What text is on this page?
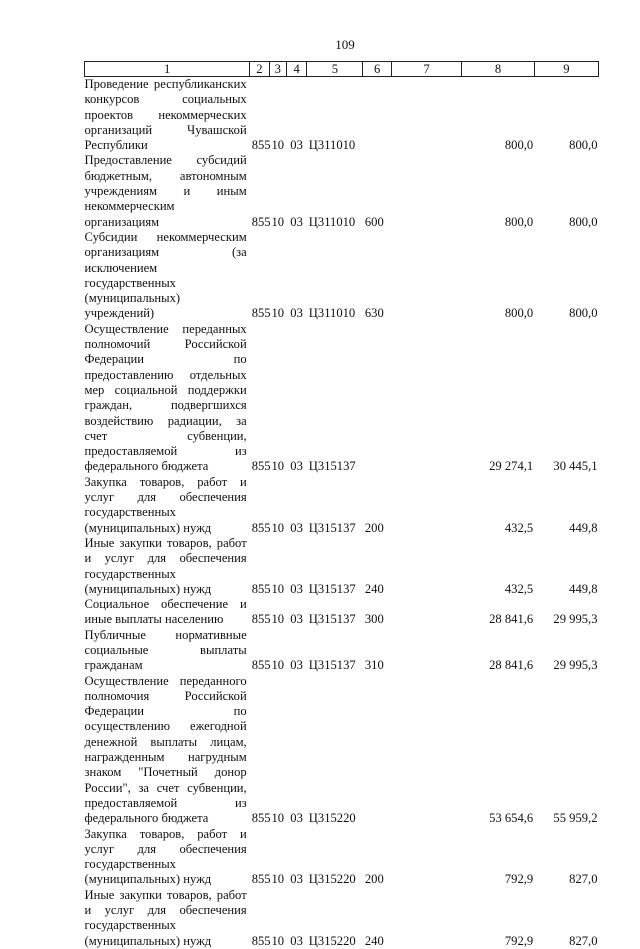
109
1	2	3	4	5	6	7	8	9
Проведение республиканских конкурсов социальных проектов некоммерческих организаций Чувашской Республики	855	10	03	Ц311010			800,0	800,0
Предоставление субсидий бюджетным, автономным учреждениям и иным некоммерческим организациям	855	10	03	Ц311010	600		800,0	800,0
Субсидии некоммерческим организациям (за исключением государственных (муниципальных) учреждений)	855	10	03	Ц311010	630		800,0	800,0
Осуществление переданных полномочий Российской Федерации по предоставлению отдельных мер социальной поддержки граждан, подвергшихся воздействию радиации, за счет субвенции, предоставляемой из федерального бюджета	855	10	03	Ц315137			29 274,1	30 445,1
Закупка товаров, работ и услуг для обеспечения государственных (муниципальных) нужд	855	10	03	Ц315137	200		432,5	449,8
Иные закупки товаров, работ и услуг для обеспечения государственных (муниципальных) нужд	855	10	03	Ц315137	240		432,5	449,8
Социальное обеспечение и иные выплаты населению	855	10	03	Ц315137	300		28 841,6	29 995,3
Публичные нормативные социальные выплаты гражданам	855	10	03	Ц315137	310		28 841,6	29 995,3
Осуществление переданного полномочия Российской Федерации по осуществлению ежегодной денежной выплаты лицам, награжденным нагрудным знаком "Почетный донор России", за счет субвенции, предоставляемой из федерального бюджета	855	10	03	Ц315220			53 654,6	55 959,2
Закупка товаров, работ и услуг для обеспечения государственных (муниципальных) нужд	855	10	03	Ц315220	200		792,9	827,0
Иные закупки товаров, работ и услуг для обеспечения государственных (муниципальных) нужд	855	10	03	Ц315220	240		792,9	827,0
